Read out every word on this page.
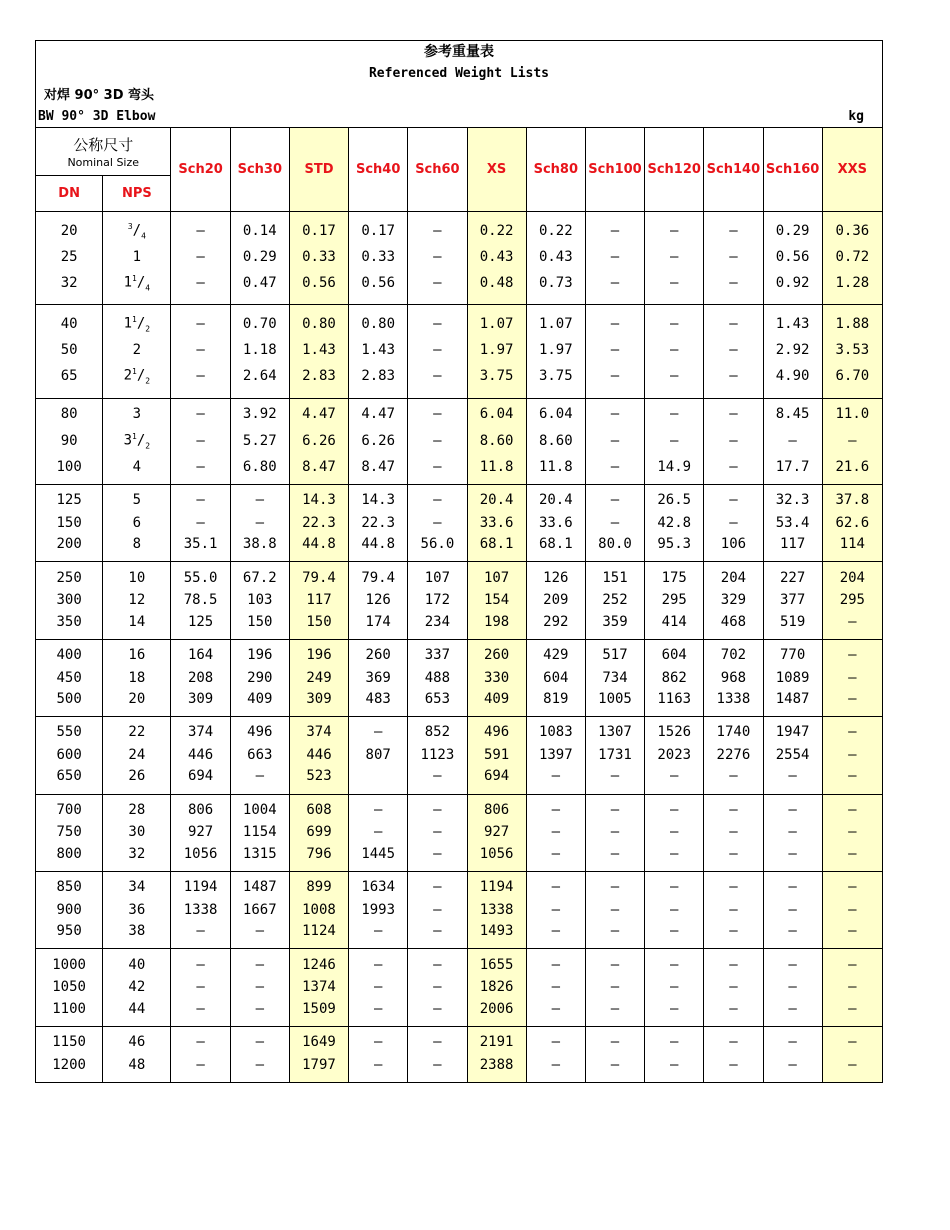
参考重量表
Referenced Weight Lists
对焊 90° 3D 弯头
BW 90° 3D Elbow	kg
公称尺寸
Nominal Size		Sch20	Sch30	STD	Sch40	Sch60	XS	Sch80	Sch100	Sch120	Sch140	Sch160	XXS
DN	NPS												
20	$^3/_4$	–	0.14	0.17	0.17	–	0.22	0.22	–	–	–	0.29	0.36
25	1	–	0.29	0.33	0.33	–	0.43	0.43	–	–	–	0.56	0.72
32	$1^1/_4$	–	0.47	0.56	0.56	–	0.48	0.73	–	–	–	0.92	1.28
40	$1^1/_2$	–	0.70	0.80	0.80	–	1.07	1.07	–	–	–	1.43	1.88
50	2	–	1.18	1.43	1.43	–	1.97	1.97	–	–	–	2.92	3.53
65	$2^1/_2$	–	2.64	2.83	2.83	–	3.75	3.75	–	–	–	4.90	6.70
80	3	–	3.92	4.47	4.47	–	6.04	6.04	–	–	–	8.45	11.0
90	$3^1/_2$	–	5.27	6.26	6.26	–	8.60	8.60	–	–	–	–	–
100	4	–	6.80	8.47	8.47	–	11.8	11.8	–	14.9	–	17.7	21.6
125	5	–	–	14.3	14.3	–	20.4	20.4	–	26.5	–	32.3	37.8
150	6	–	–	22.3	22.3	–	33.6	33.6	–	42.8	–	53.4	62.6
200	8	35.1	38.8	44.8	44.8	56.0	68.1	68.1	80.0	95.3	106	117	114
250	10	55.0	67.2	79.4	79.4	107	107	126	151	175	204	227	204
300	12	78.5	103	117	126	172	154	209	252	295	329	377	295
350	14	125	150	150	174	234	198	292	359	414	468	519	–
400	16	164	196	196	260	337	260	429	517	604	702	770	–
450	18	208	290	249	369	488	330	604	734	862	968	1089	–
500	20	309	409	309	483	653	409	819	1005	1163	1338	1487	–
550	22	374	496	374	–	852	496	1083	1307	1526	1740	1947	–
600	24	446	663	446	807	1123	591	1397	1731	2023	2276	2554	–
650	26	694	–	523		–	694	–	–	–	–	–	–
700	28	806	1004	608	–	–	806	–	–	–	–	–	–
750	30	927	1154	699	–	–	927	–	–	–	–	–	–
800	32	1056	1315	796	1445	–	1056	–	–	–	–	–	–
850	34	1194	1487	899	1634	–	1194	–	–	–	–	–	–
900	36	1338	1667	1008	1993	–	1338	–	–	–	–	–	–
950	38	–	–	1124	–	–	1493	–	–	–	–	–	–
1000	40	–	–	1246	–	–	1655	–	–	–	–	–	–
1050	42	–	–	1374	–	–	1826	–	–	–	–	–	–
1100	44	–	–	1509	–	–	2006	–	–	–	–	–	–
1150	46	–	–	1649	–	–	2191	–	–	–	–	–	–
1200	48	–	–	1797	–	–	2388	–	–	–	–	–	–
